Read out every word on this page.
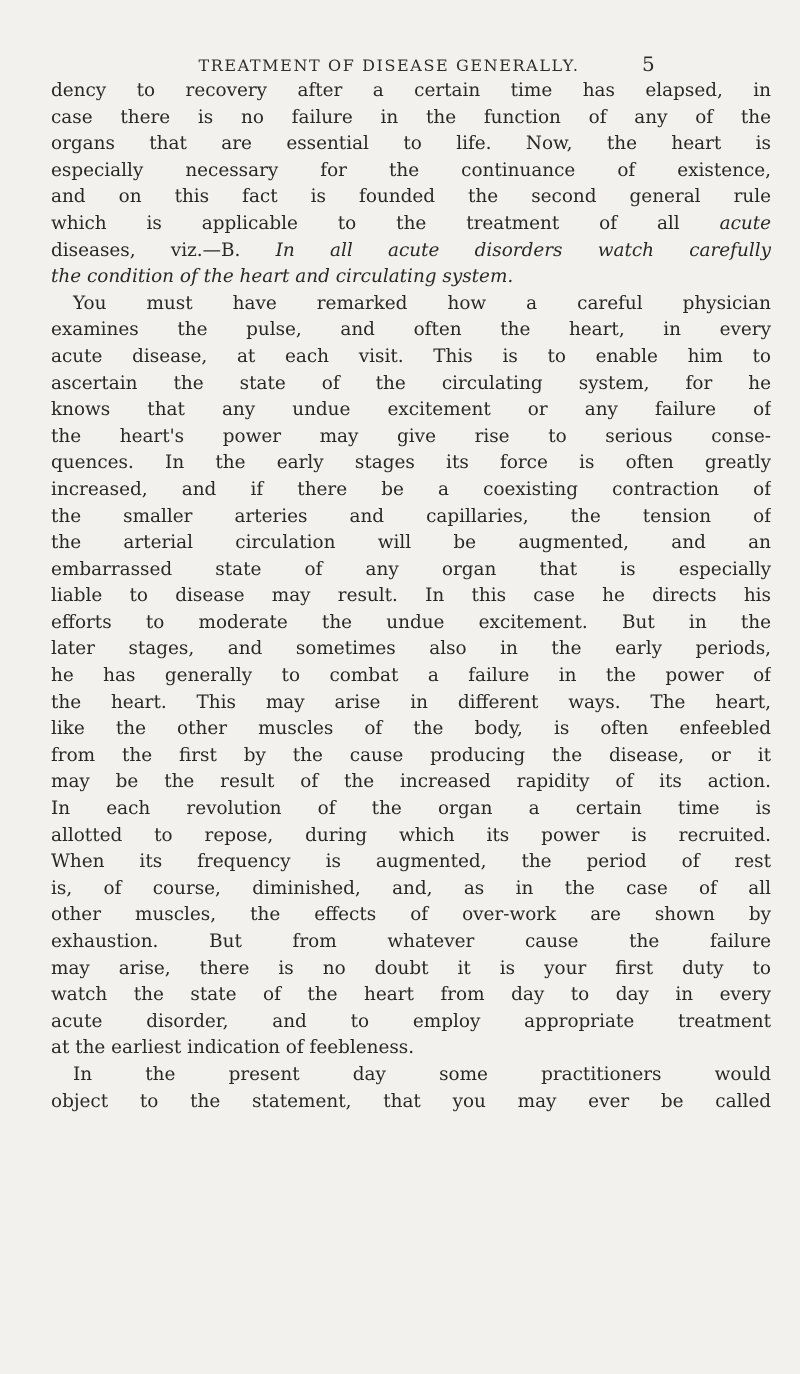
TREATMENT OF DISEASE GENERALLY.	5
dency to recovery after a certain time has elapsed, in
case there is no failure in the function of any of the
organs that are essential to life. Now, the heart is
especially necessary for the continuance of existence,
and on this fact is founded the second general rule
which is applicable to the treatment of all acute
diseases, viz.—B. In all acute disorders watch carefully
the condition of the heart and circulating system.
You must have remarked how a careful physician
examines the pulse, and often the heart, in every
acute disease, at each visit. This is to enable him to
ascertain the state of the circulating system, for he
knows that any undue excitement or any failure of
the heart's power may give rise to serious conse-
quences. In the early stages its force is often greatly
increased, and if there be a coexisting contraction of
the smaller arteries and capillaries, the tension of
the arterial circulation will be augmented, and an
embarrassed state of any organ that is especially
liable to disease may result. In this case he directs his
efforts to moderate the undue excitement. But in the
later stages, and sometimes also in the early periods,
he has generally to combat a failure in the power of
the heart. This may arise in different ways. The heart,
like the other muscles of the body, is often enfeebled
from the first by the cause producing the disease, or it
may be the result of the increased rapidity of its action.
In each revolution of the organ a certain time is
allotted to repose, during which its power is recruited.
When its frequency is augmented, the period of rest
is, of course, diminished, and, as in the case of all
other muscles, the effects of over-work are shown by
exhaustion. But from whatever cause the failure
may arise, there is no doubt it is your first duty to
watch the state of the heart from day to day in every
acute disorder, and to employ appropriate treatment
at the earliest indication of feebleness.
In the present day some practitioners would
object to the statement, that you may ever be called
